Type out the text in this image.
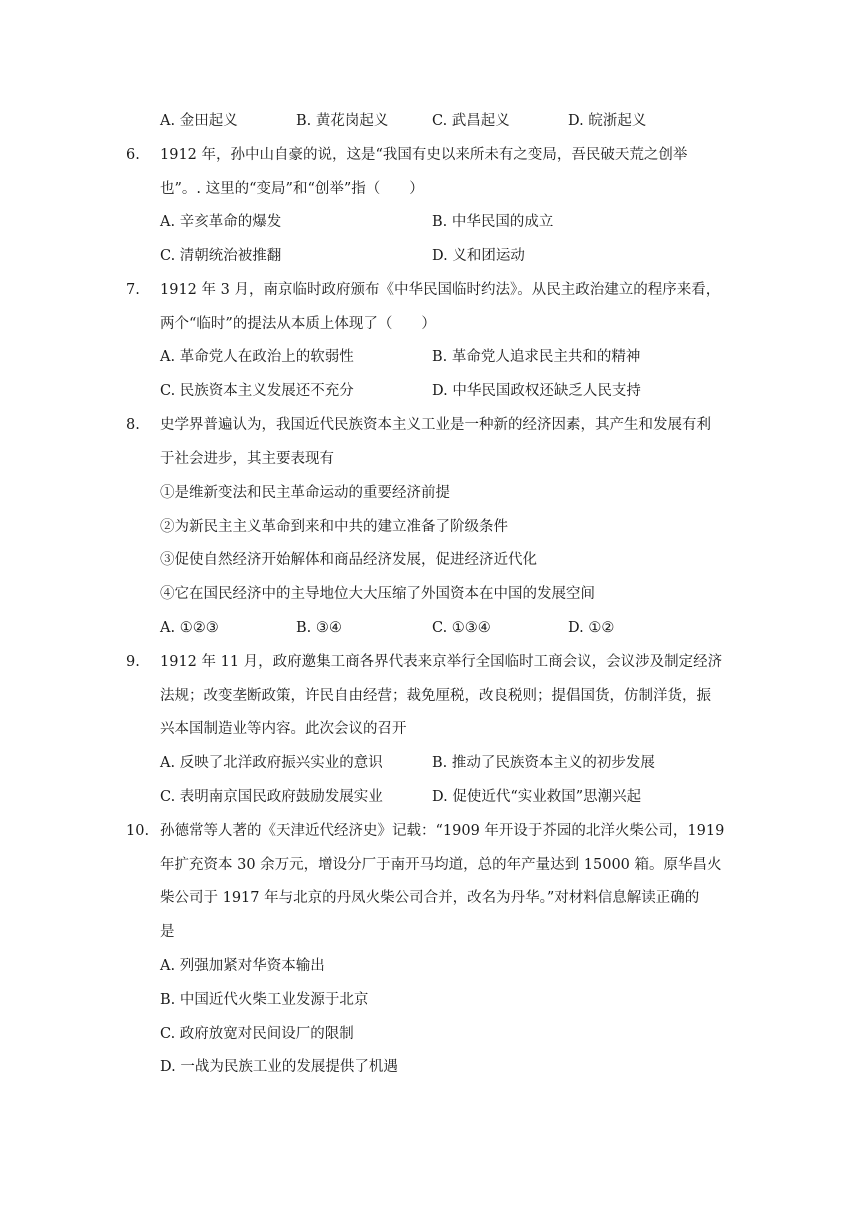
A. 金田起义	B. 黄花岗起义	C. 武昌起义	D. 皖浙起义
6. 1912 年，孙中山自豪的说，这是“我国有史以来所未有之变局，吾民破天荒之创举
也”。. 这里的“变局”和“创举”指（　　）
A. 辛亥革命的爆发	B. 中华民国的成立
C. 清朝统治被推翻	D. 义和团运动
7. 1912 年 3 月，南京临时政府颁布《中华民国临时约法》。从民主政治建立的程序来看，
两个“临时”的提法从本质上体现了（　　）
A. 革命党人在政治上的软弱性	B. 革命党人追求民主共和的精神
C. 民族资本主义发展还不充分	D. 中华民国政权还缺乏人民支持
8. 史学界普遍认为，我国近代民族资本主义工业是一种新的经济因素，其产生和发展有利
于社会进步，其主要表现有
①是维新变法和民主革命运动的重要经济前提
②为新民主主义革命到来和中共的建立准备了阶级条件
③促使自然经济开始解体和商品经济发展，促进经济近代化
④它在国民经济中的主导地位大大压缩了外国资本在中国的发展空间
A. ①②③	B. ③④	C. ①③④	D. ①②
9. 1912 年 11 月，政府邀集工商各界代表来京举行全国临时工商会议，会议涉及制定经济
法规；改变垄断政策，许民自由经营；裁免厘税，改良税则；提倡国货，仿制洋货，振
兴本国制造业等内容。此次会议的召开
A. 反映了北洋政府振兴实业的意识	B. 推动了民族资本主义的初步发展
C. 表明南京国民政府鼓励发展实业	D. 促使近代“实业救国”思潮兴起
10. 孙德常等人著的《天津近代经济史》记载：“1909 年开设于芥园的北洋火柴公司，1919
年扩充资本 30 余万元，增设分厂于南开马均道，总的年产量达到 15000 箱。原华昌火
柴公司于 1917 年与北京的丹凤火柴公司合并，改名为丹华。”对材料信息解读正确的
是
A. 列强加紧对华资本输出
B. 中国近代火柴工业发源于北京
C. 政府放宽对民间设厂的限制
D. 一战为民族工业的发展提供了机遇
